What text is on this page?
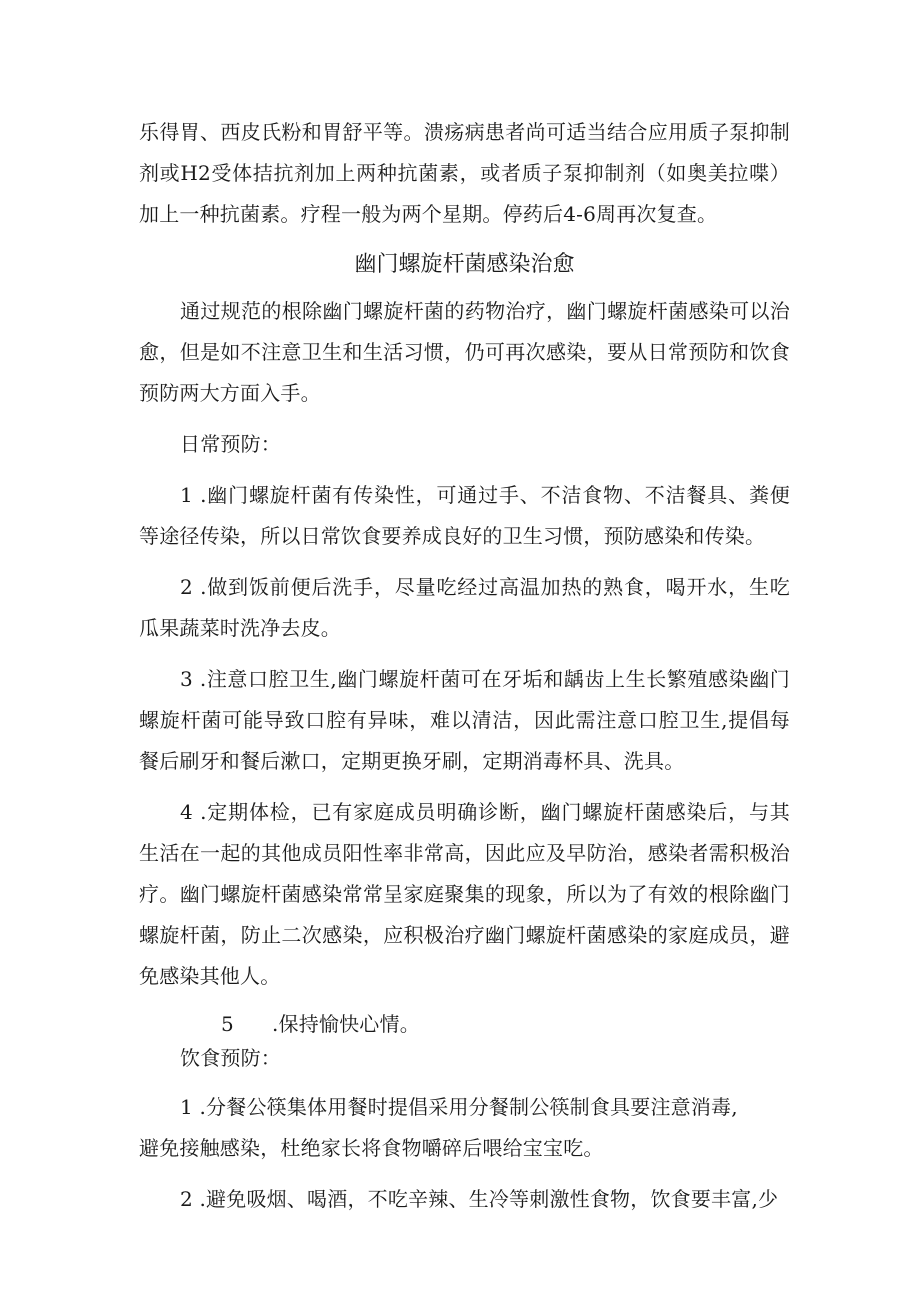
乐得胃、西皮氏粉和胃舒平等。溃疡病患者尚可适当结合应用质子泵抑制剂或H2受体拮抗剂加上两种抗菌素，或者质子泵抑制剂（如奥美拉喋）加上一种抗菌素。疗程一般为两个星期。停药后4-6周再次复查。

幽门螺旋杆菌感染治愈

通过规范的根除幽门螺旋杆菌的药物治疗，幽门螺旋杆菌感染可以治愈，但是如不注意卫生和生活习惯，仍可再次感染，要从日常预防和饮食预防两大方面入手。

日常预防：

1 .幽门螺旋杆菌有传染性，可通过手、不洁食物、不洁餐具、粪便等途径传染，所以日常饮食要养成良好的卫生习惯，预防感染和传染。

2 .做到饭前便后洗手，尽量吃经过高温加热的熟食，喝开水，生吃瓜果蔬菜时洗净去皮。

3 .注意口腔卫生,幽门螺旋杆菌可在牙垢和龋齿上生长繁殖感染幽门螺旋杆菌可能导致口腔有异味，难以清洁，因此需注意口腔卫生,提倡每餐后刷牙和餐后漱口，定期更换牙刷，定期消毒杯具、洗具。

4 .定期体检，已有家庭成员明确诊断，幽门螺旋杆菌感染后，与其生活在一起的其他成员阳性率非常高，因此应及早防治，感染者需积极治疗。幽门螺旋杆菌感染常常呈家庭聚集的现象，所以为了有效的根除幽门螺旋杆菌，防止二次感染，应积极治疗幽门螺旋杆菌感染的家庭成员，避免感染其他人。

5 .保持愉快心情。

饮食预防：

1 .分餐公筷集体用餐时提倡采用分餐制公筷制食具要注意消毒,

避免接触感染，杜绝家长将食物嚼碎后喂给宝宝吃。

2 .避免吸烟、喝酒，不吃辛辣、生冷等刺激性食物，饮食要丰富,少
